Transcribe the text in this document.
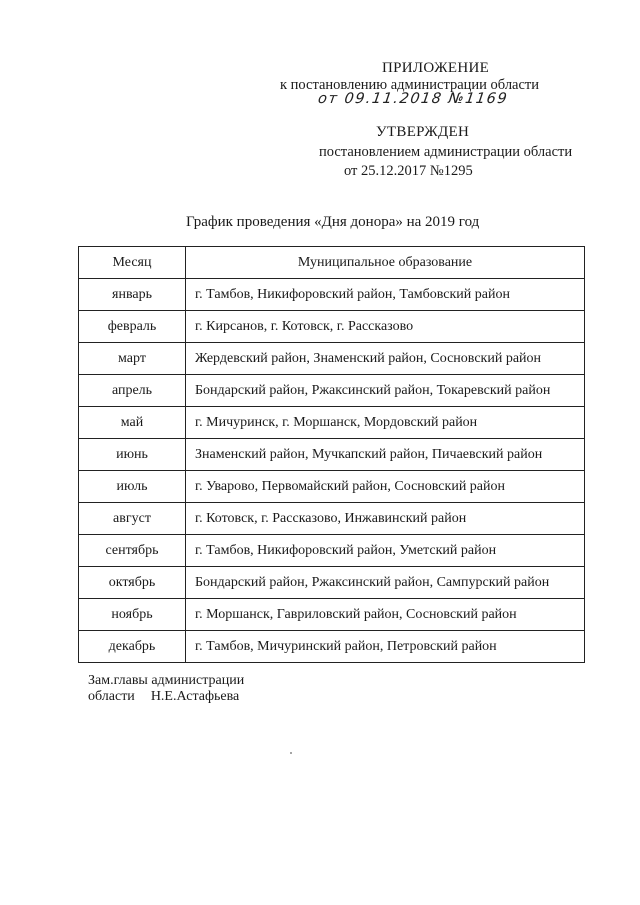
ПРИЛОЖЕНИЕ
к постановлению администрации области
от 09.11.2018 №1169
УТВЕРЖДЕН
постановлением администрации области
от 25.12.2017 №1295
График проведения «Дня донора» на 2019 год
Месяц	Муниципальное образование
январь	г. Тамбов, Никифоровский район, Тамбовский район
февраль	г. Кирсанов, г. Котовск, г. Рассказово
март	Жердевский район, Знаменский район, Сосновский район
апрель	Бондарский район, Ржаксинский район, Токаревский район
май	г. Мичуринск, г. Моршанск, Мордовский район
июнь	Знаменский район, Мучкапский район, Пичаевский район
июль	г. Уварово, Первомайский район, Сосновский район
август	г. Котовск, г. Рассказово, Инжавинский район
сентябрь	г. Тамбов, Никифоровский район, Уметский район
октябрь	Бондарский район, Ржаксинский район, Сампурский район
ноябрь	г. Моршанск, Гавриловский район, Сосновский район
декабрь	г. Тамбов, Мичуринский район, Петровский район
Зам.главы администрации
области Н.Е.Астафьева
